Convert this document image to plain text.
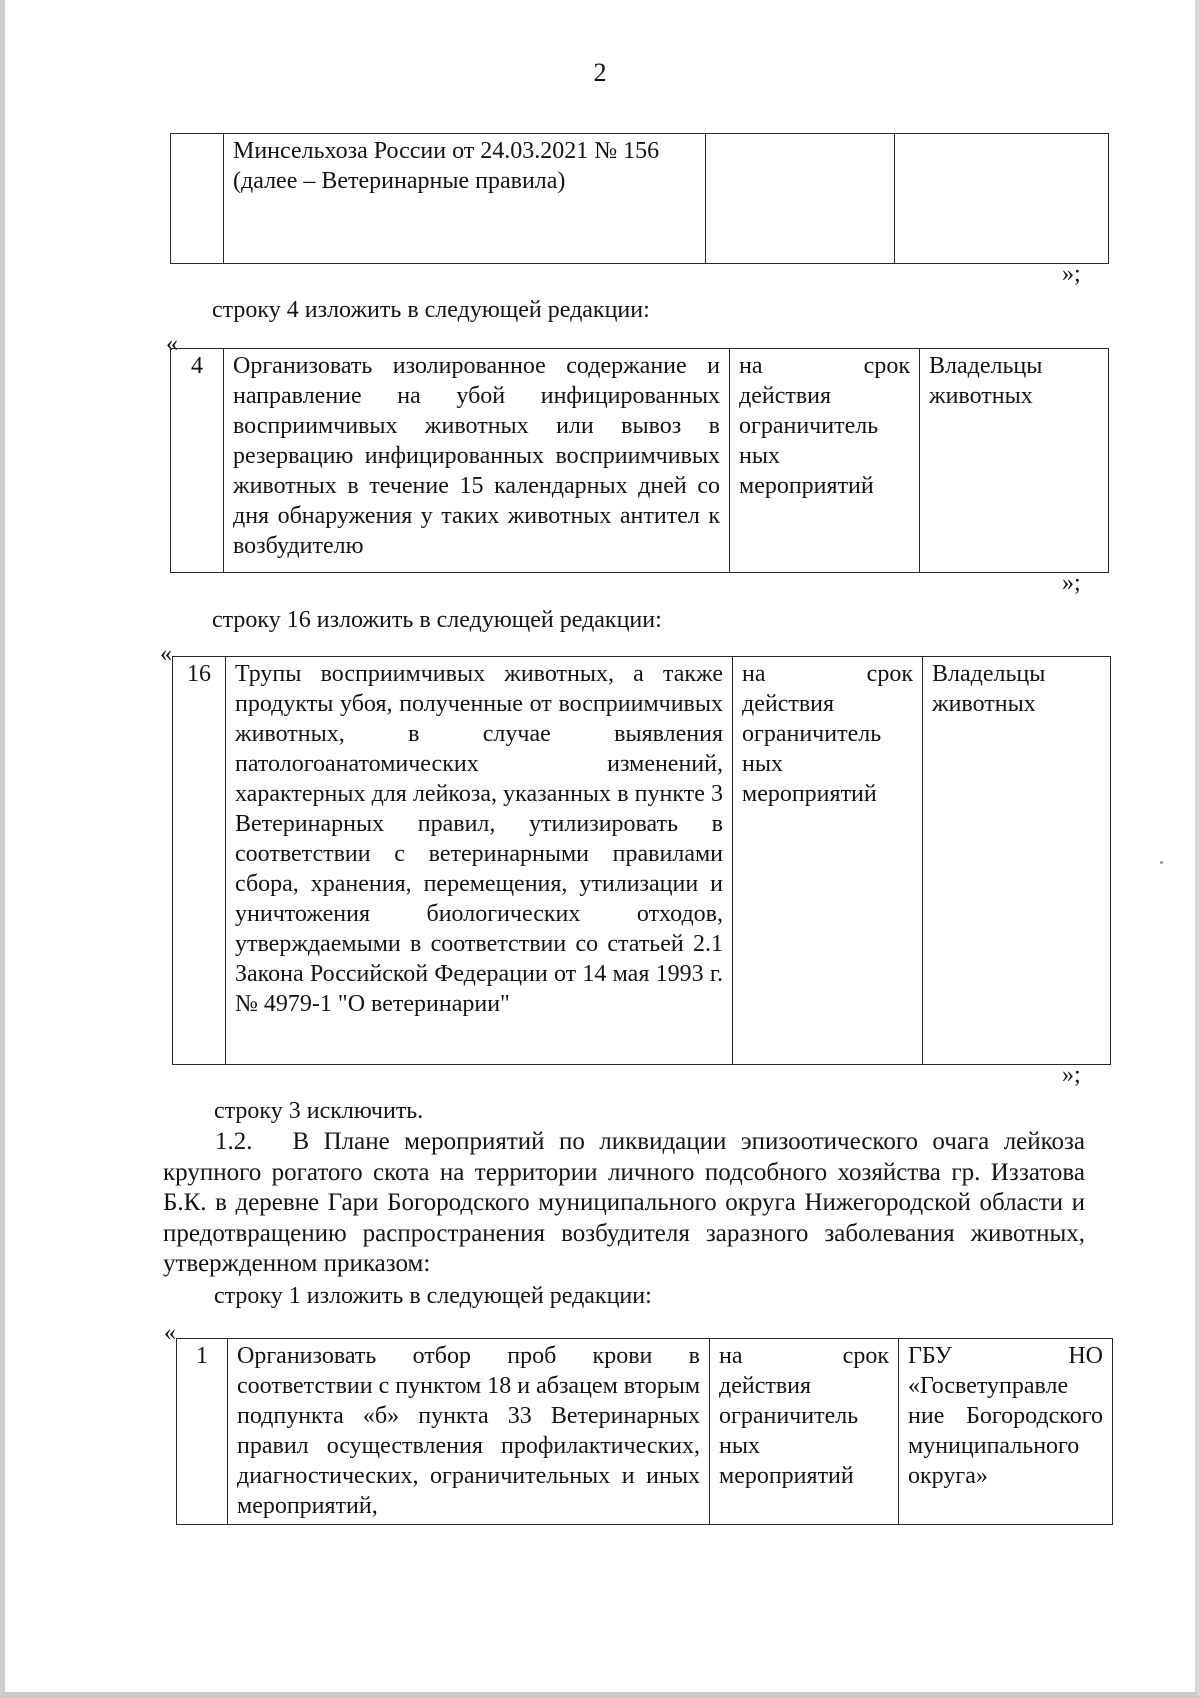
2
	Минсельхоза России от 24.03.2021 № 156 (далее – Ветеринарные правила)		
»;
строку 4 изложить в следующей редакции:
«
4	Организовать изолированное содержание и направление на убой инфицированных восприимчивых животных или вывоз в резервацию инфицированных восприимчивых животных в течение 15 календарных дней со дня обнаружения у таких животных антител к возбудителю	на срок действия ограничитель ных мероприятий	Владельцы животных
»;
строку 16 изложить в следующей редакции:
«
16	Трупы восприимчивых животных, а также продукты убоя, полученные от восприимчивых животных, в случае выявления патологоанатомических изменений, характерных для лейкоза, указанных в пункте 3 Ветеринарных правил, утилизировать в соответствии с ветеринарными правилами сбора, хранения, перемещения, утилизации и уничтожения биологических отходов, утверждаемыми в соответствии со статьей 2.1 Закона Российской Федерации от 14 мая 1993 г. № 4979-1 "О ветеринарии"	на срок действия ограничитель ных мероприятий	Владельцы животных
»;
строку 3 исключить.
1.2. В Плане мероприятий по ликвидации эпизоотического очага лейкоза крупного рогатого скота на территории личного подсобного хозяйства гр. Иззатова Б.К. в деревне Гари Богородского муниципального округа Нижегородской области и предотвращению распространения возбудителя заразного заболевания животных, утвержденном приказом:
строку 1 изложить в следующей редакции:
«
1	Организовать отбор проб крови в соответствии с пунктом 18 и абзацем вторым подпункта «б» пункта 33 Ветеринарных правил осуществления профилактических, диагностических, ограничительных и иных мероприятий,	на срок действия ограничитель ных мероприятий	ГБУ НО «Госветуправле ние Богородского муниципального округа»
